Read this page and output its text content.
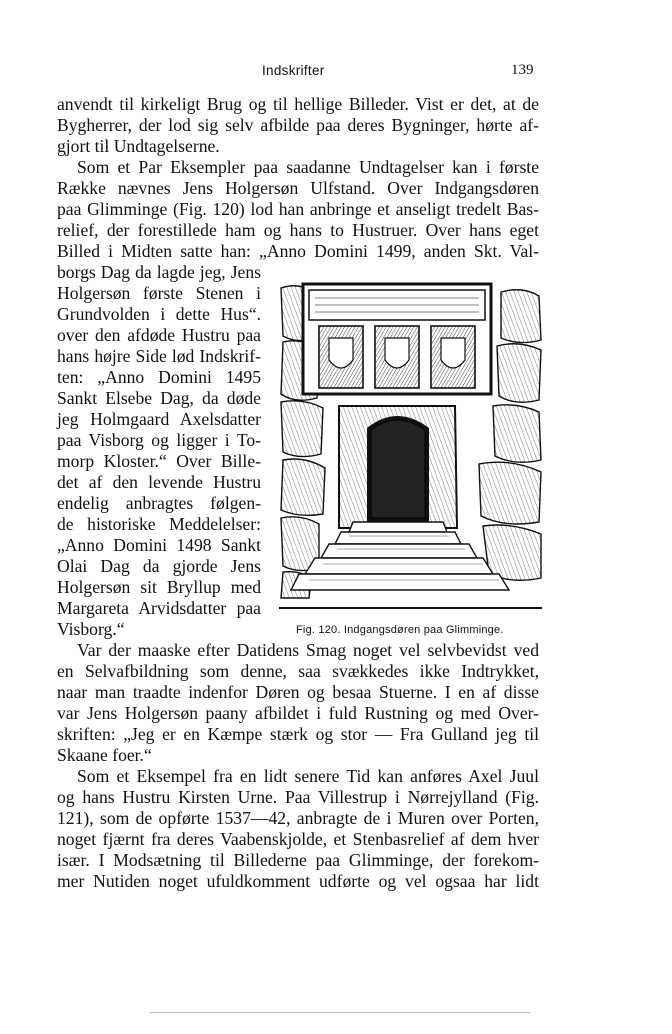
Indskrifter	139
anvendt til kirkeligt Brug og til hellige Billeder. Vist er det, at de
Bygherrer, der lod sig selv afbilde paa deres Bygninger, hørte af-
gjort til Undtagelserne.
Som et Par Eksempler paa saadanne Undtagelser kan i første
Række nævnes Jens Holgersøn Ulfstand. Over Indgangsdøren
paa Glimminge (Fig. 120) lod han anbringe et anseligt tredelt Bas-
relief, der forestillede ham og hans to Hustruer. Over hans eget
Billed i Midten satte han: „Anno Domini 1499, anden Skt. Val-
borgs Dag da lagde jeg, Jens
Holgersøn første Stenen i
Grundvolden i dette Hus“.
over den afdøde Hustru paa
hans højre Side lød Indskrif-
ten: „Anno Domini 1495
Sankt Elsebe Dag, da døde
jeg Holmgaard Axelsdatter
paa Visborg og ligger i To-
morp Kloster.“ Over Bille-
det af den levende Hustru
endelig anbragtes følgen-
de historiske Meddelelser:
„Anno Domini 1498 Sankt
Olai Dag da gjorde Jens
Holgersøn sit Bryllup med
Margareta Arvidsdatter paa
Visborg.“
Var der maaske efter Datidens Smag noget vel selvbevidst ved
en Selvafbildning som denne, saa svækkedes ikke Indtrykket,
naar man traadte indenfor Døren og besaa Stuerne. I en af disse
var Jens Holgersøn paany afbildet i fuld Rustning og med Over-
skriften: „Jeg er en Kæmpe stærk og stor — Fra Gulland jeg til
Skaane foer.“
Som et Eksempel fra en lidt senere Tid kan anføres Axel Juul
og hans Hustru Kirsten Urne. Paa Villestrup i Nørrejylland (Fig.
121), som de opførte 1537—42, anbragte de i Muren over Porten,
noget fjærnt fra deres Vaabenskjolde, et Stenbasrelief af dem hver
især. I Modsætning til Billederne paa Glimminge, der forekom-
mer Nutiden noget ufuldkomment udførte og vel ogsaa har lidt
Fig. 120. Indgangsdøren paa Glimminge.
